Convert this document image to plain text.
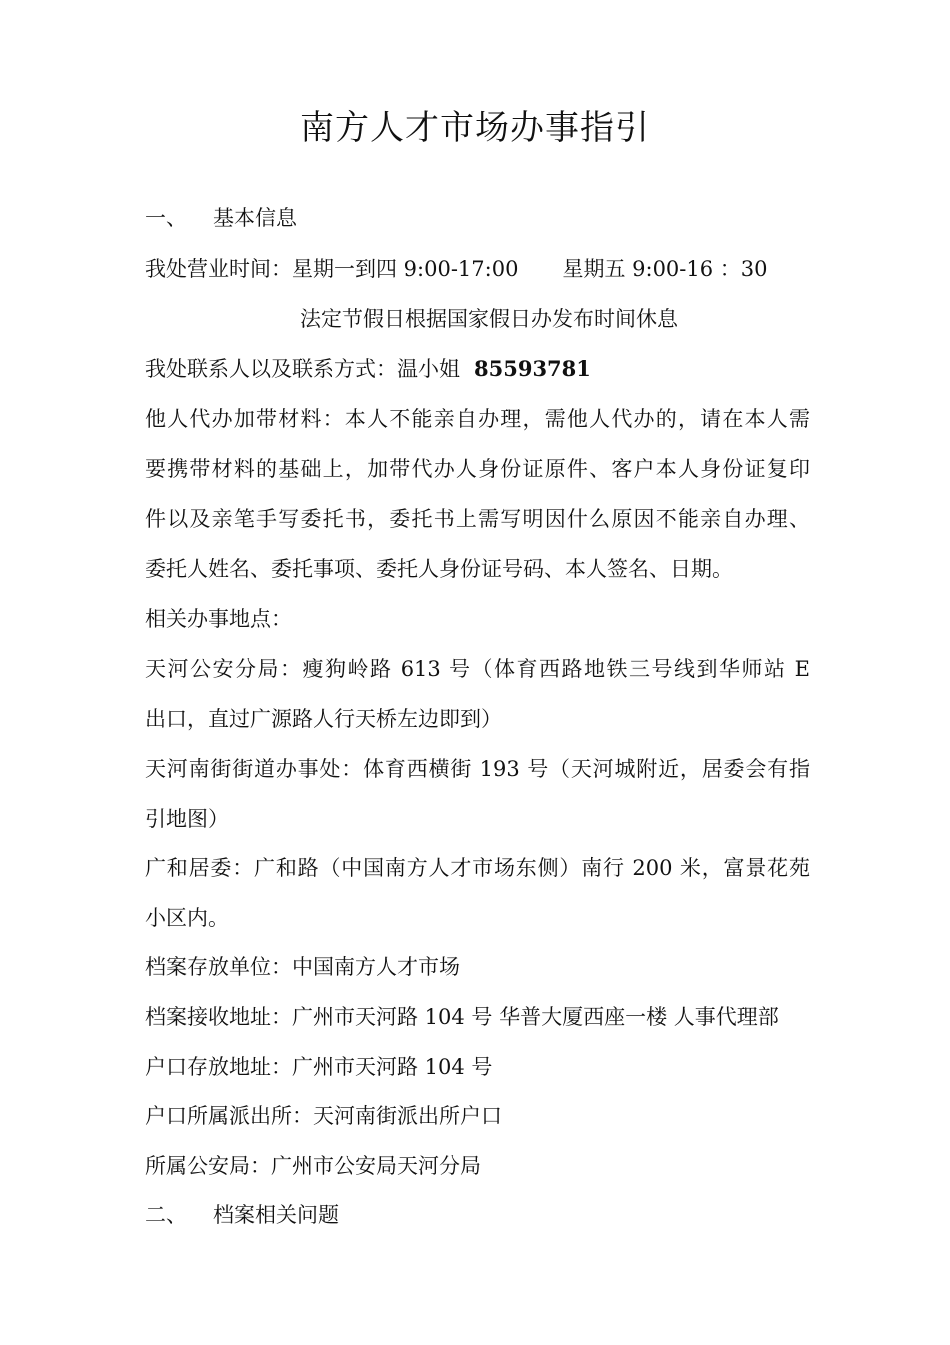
南方人才市场办事指引
一、 基本信息
我处营业时间：星期一到四 9:00-17:00 星期五 9:00-16 ：30
法定节假日根据国家假日办发布时间休息
我处联系人以及联系方式：温小姐 85593781
他人代办加带材料：本人不能亲自办理，需他人代办的，请在本人需
要携带材料的基础上，加带代办人身份证原件、客户本人身份证复印
件以及亲笔手写委托书，委托书上需写明因什么原因不能亲自办理、
委托人姓名、委托事项、委托人身份证号码、本人签名、日期。
相关办事地点：
天河公安分局：瘦狗岭路 613 号（体育西路地铁三号线到华师站 E
出口，直过广源路人行天桥左边即到）
天河南街街道办事处：体育西横街 193 号（天河城附近，居委会有指
引地图）
广和居委：广和路（中国南方人才市场东侧）南行 200 米，富景花苑
小区内。
档案存放单位：中国南方人才市场
档案接收地址：广州市天河路 104 号 华普大厦西座一楼 人事代理部
户口存放地址：广州市天河路 104 号
户口所属派出所：天河南街派出所户口
所属公安局：广州市公安局天河分局
二、 档案相关问题
